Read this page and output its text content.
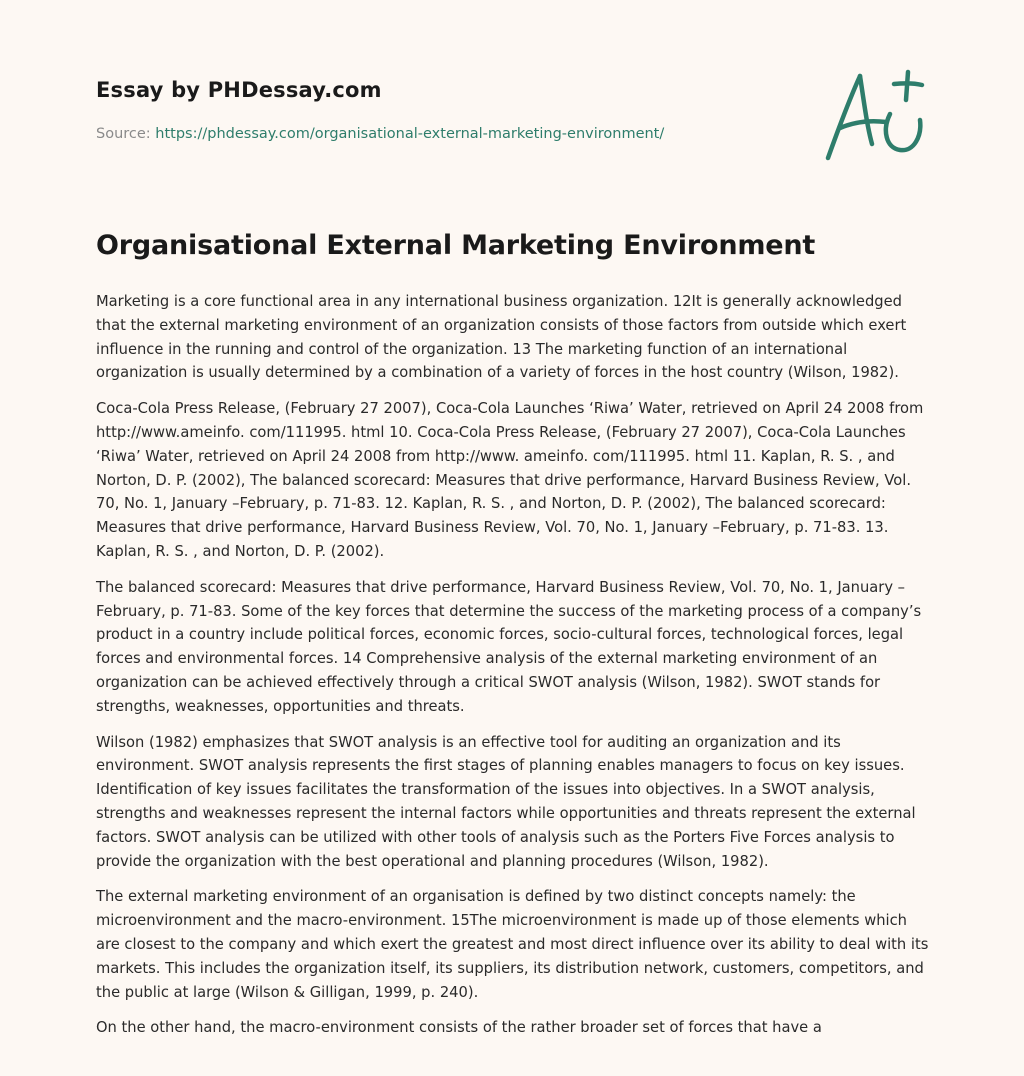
Essay by PHDessay.com
Source: https://phdessay.com/organisational-external-marketing-environment/
Organisational External Marketing Environment

Marketing is a core functional area in any international business organization. 12It is generally acknowledged that the external marketing environment of an organization consists of those factors from outside which exert influence in the running and control of the organization. 13 The marketing function of an international organization is usually determined by a combination of a variety of forces in the host country (Wilson, 1982).

Coca-Cola Press Release, (February 27 2007), Coca-Cola Launches ‘Riwa’ Water, retrieved on April 24 2008 from http://www.ameinfo. com/111995. html 10. Coca-Cola Press Release, (February 27 2007), Coca-Cola Launches ‘Riwa’ Water, retrieved on April 24 2008 from http://www. ameinfo. com/111995. html 11. Kaplan, R. S. , and Norton, D. P. (2002), The balanced scorecard: Measures that drive performance, Harvard Business Review, Vol. 70, No. 1, January –February, p. 71-83. 12. Kaplan, R. S. , and Norton, D. P. (2002), The balanced scorecard: Measures that drive performance, Harvard Business Review, Vol. 70, No. 1, January –February, p. 71-83. 13. Kaplan, R. S. , and Norton, D. P. (2002).

The balanced scorecard: Measures that drive performance, Harvard Business Review, Vol. 70, No. 1, January –February, p. 71-83. Some of the key forces that determine the success of the marketing process of a company’s product in a country include political forces, economic forces, socio-cultural forces, technological forces, legal forces and environmental forces. 14 Comprehensive analysis of the external marketing environment of an organization can be achieved effectively through a critical SWOT analysis (Wilson, 1982). SWOT stands for strengths, weaknesses, opportunities and threats.

Wilson (1982) emphasizes that SWOT analysis is an effective tool for auditing an organization and its environment. SWOT analysis represents the first stages of planning enables managers to focus on key issues. Identification of key issues facilitates the transformation of the issues into objectives. In a SWOT analysis, strengths and weaknesses represent the internal factors while opportunities and threats represent the external factors. SWOT analysis can be utilized with other tools of analysis such as the Porters Five Forces analysis to provide the organization with the best operational and planning procedures (Wilson, 1982).

The external marketing environment of an organisation is defined by two distinct concepts namely: the microenvironment and the macro-environment. 15The microenvironment is made up of those elements which are closest to the company and which exert the greatest and most direct influence over its ability to deal with its markets. This includes the organization itself, its suppliers, its distribution network, customers, competitors, and the public at large (Wilson & Gilligan, 1999, p. 240).

On the other hand, the macro-environment consists of the rather broader set of forces that have a
